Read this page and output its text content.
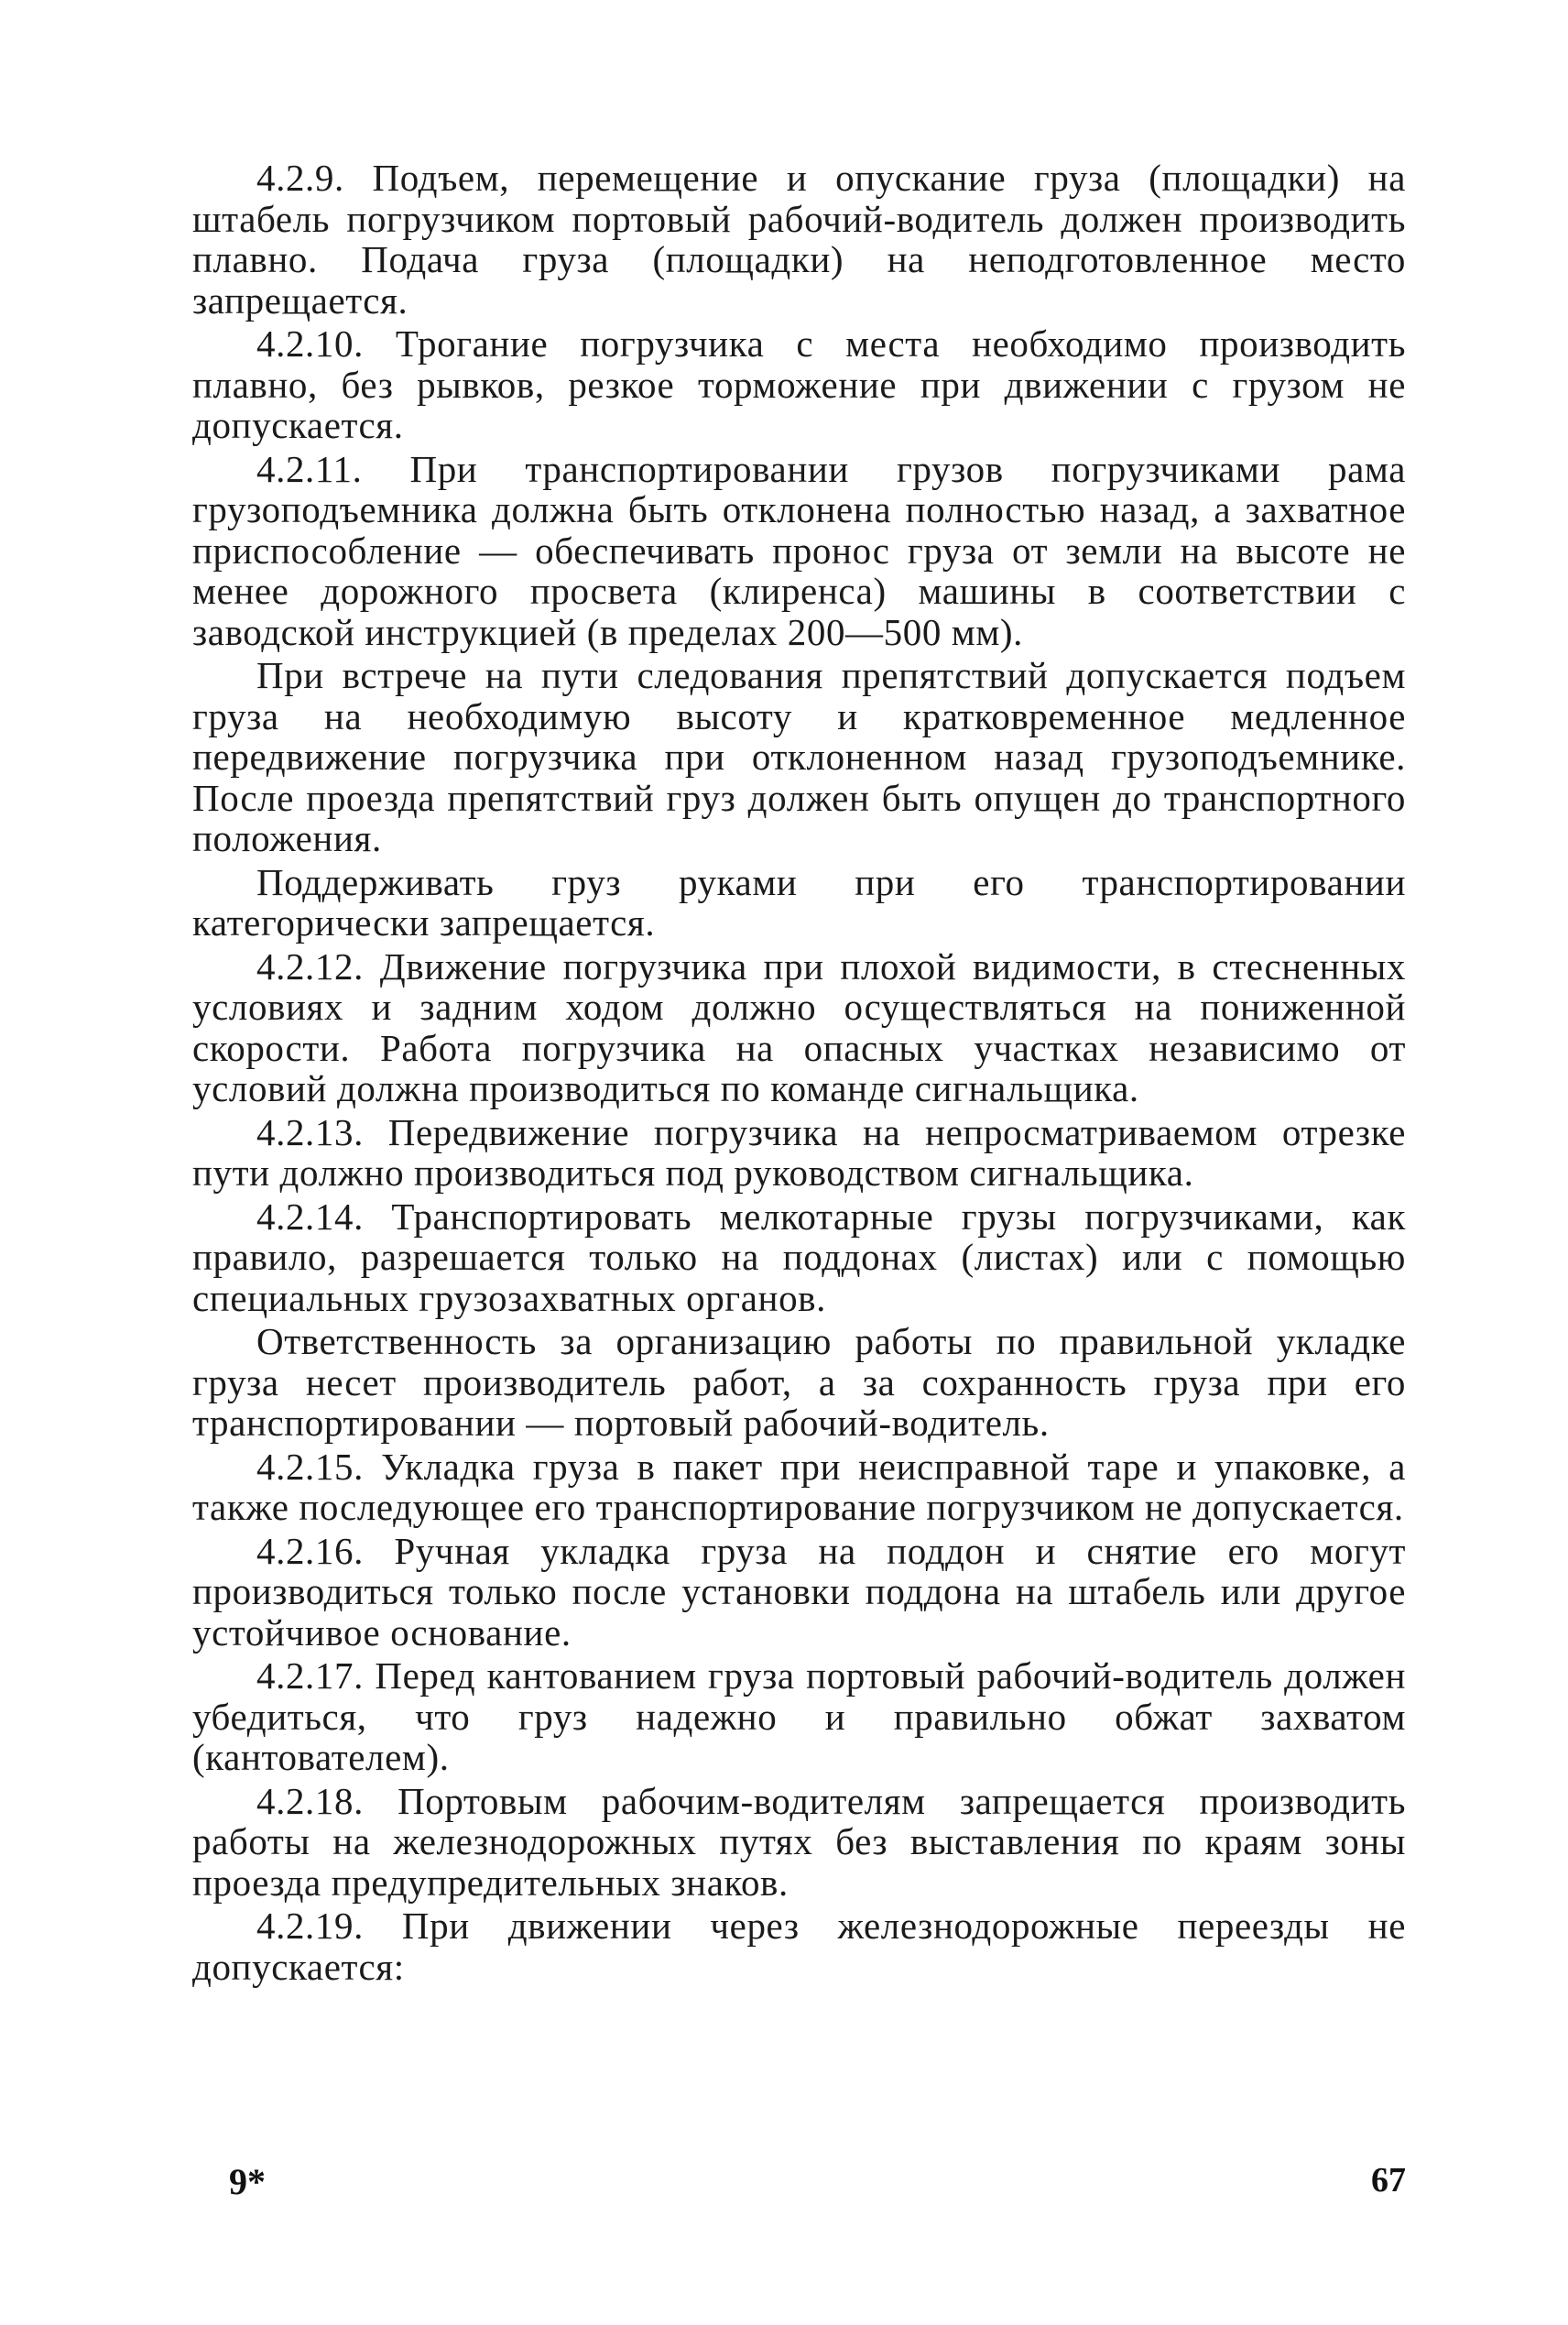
4.2.9. Подъем, перемещение и опускание груза (площадки) на штабель погрузчиком портовый рабочий-водитель должен производить плавно. Подача груза (площадки) на неподготовленное место запрещается.

4.2.10. Трогание погрузчика с места необходимо производить плавно, без рывков, резкое торможение при движении с грузом не допускается.

4.2.11. При транспортировании грузов погрузчиками рама грузоподъемника должна быть отклонена полностью назад, а захватное приспособление — обеспечивать пронос груза от земли на высоте не менее дорожного просвета (клиренса) машины в соответствии с заводской инструкцией (в пределах 200—500 мм).

При встрече на пути следования препятствий допускается подъем груза на необходимую высоту и кратковременное медленное передвижение погрузчика при отклоненном назад грузоподъемнике. После проезда препятствий груз должен быть опущен до транспортного положения.

Поддерживать груз руками при его транспортировании категорически запрещается.

4.2.12. Движение погрузчика при плохой видимости, в стесненных условиях и задним ходом должно осуществляться на пониженной скорости. Работа погрузчика на опасных участках независимо от условий должна производиться по команде сигнальщика.

4.2.13. Передвижение погрузчика на непросматриваемом отрезке пути должно производиться под руководством сигнальщика.

4.2.14. Транспортировать мелкотарные грузы погрузчиками, как правило, разрешается только на поддонах (листах) или с помощью специальных грузозахватных органов.

Ответственность за организацию работы по правильной укладке груза несет производитель работ, а за сохранность груза при его транспортировании — портовый рабочий-водитель.

4.2.15. Укладка груза в пакет при неисправной таре и упаковке, а также последующее его транспортирование погрузчиком не допускается.

4.2.16. Ручная укладка груза на поддон и снятие его могут производиться только после установки поддона на штабель или другое устойчивое основание.

4.2.17. Перед кантованием груза портовый рабочий-водитель должен убедиться, что груз надежно и правильно обжат захватом (кантователем).

4.2.18. Портовым рабочим-водителям запрещается производить работы на железнодорожных путях без выставления по краям зоны проезда предупредительных знаков.

4.2.19. При движении через железнодорожные переезды не допускается:

9*	67
